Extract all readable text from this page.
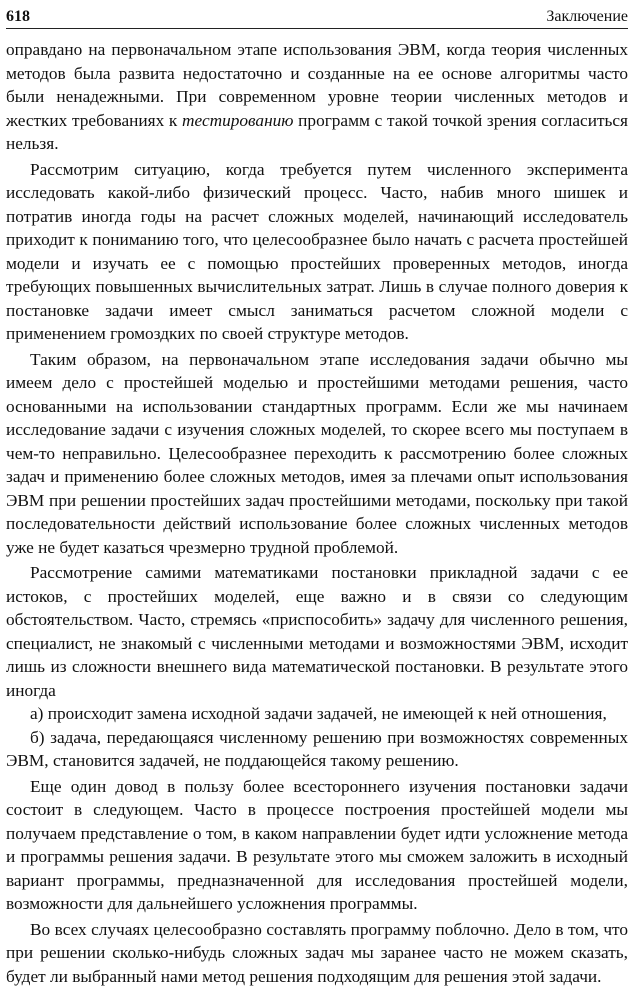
618	Заключение

оправдано на первоначальном этапе использования ЭВМ, когда теория численных методов была развита недостаточно и созданные на ее основе алгоритмы часто были ненадежными. При современном уровне теории численных методов и жестких требованиях к тестированию программ с такой точкой зрения согласиться нельзя.

Рассмотрим ситуацию, когда требуется путем численного эксперимента исследовать какой-либо физический процесс. Часто, набив много шишек и потратив иногда годы на расчет сложных моделей, начинающий исследователь приходит к пониманию того, что целесообразнее было начать с расчета простейшей модели и изучать ее с помощью простейших проверенных методов, иногда требующих повышенных вычислительных затрат. Лишь в случае полного доверия к постановке задачи имеет смысл заниматься расчетом сложной модели с применением громоздких по своей структуре методов.

Таким образом, на первоначальном этапе исследования задачи обычно мы имеем дело с простейшей моделью и простейшими методами решения, часто основанными на использовании стандартных программ. Если же мы начинаем исследование задачи с изучения сложных моделей, то скорее всего мы поступаем в чем-то неправильно. Целесообразнее переходить к рассмотрению более сложных задач и применению более сложных методов, имея за плечами опыт использования ЭВМ при решении простейших задач простейшими методами, поскольку при такой последовательности действий использование более сложных численных методов уже не будет казаться чрезмерно трудной проблемой.

Рассмотрение самими математиками постановки прикладной задачи с ее истоков, с простейших моделей, еще важно и в связи со следующим обстоятельством. Часто, стремясь «приспособить» задачу для численного решения, специалист, не знакомый с численными методами и возможностями ЭВМ, исходит лишь из сложности внешнего вида математической постановки. В результате этого иногда

а) происходит замена исходной задачи задачей, не имеющей к ней отношения,

б) задача, передающаяся численному решению при возможностях современных ЭВМ, становится задачей, не поддающейся такому решению.

Еще один довод в пользу более всестороннего изучения постановки задачи состоит в следующем. Часто в процессе построения простейшей модели мы получаем представление о том, в каком направлении будет идти усложнение метода и программы решения задачи. В результате этого мы сможем заложить в исходный вариант программы, предназначенной для исследования простейшей модели, возможности для дальнейшего усложнения программы.

Во всех случаях целесообразно составлять программу поблочно. Дело в том, что при решении сколько-нибудь сложных задач мы заранее часто не можем сказать, будет ли выбранный нами метод решения подходящим для решения этой задачи.
